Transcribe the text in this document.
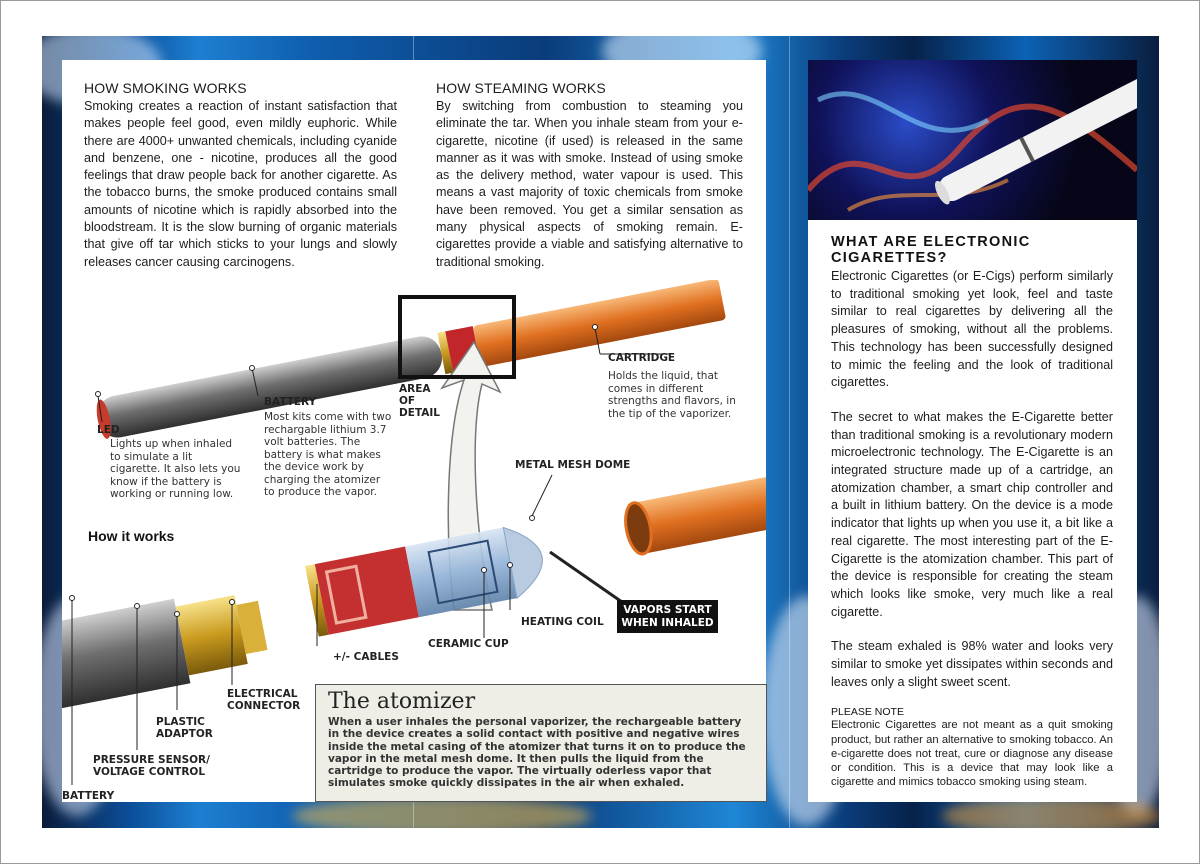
HOW SMOKING WORKS

Smoking creates a reaction of instant satisfaction that makes people feel good, even mildly euphoric. While there are 4000+ unwanted chemicals, including cyanide and benzene, one - nicotine, produces all the good feelings that draw people back for another cigarette. As the tobacco burns, the smoke produced contains small amounts of nicotine which is rapidly absorbed into the bloodstream. It is the slow burning of organic materials that give off tar which sticks to your lungs and slowly releases cancer causing carcinogens.

HOW STEAMING WORKS

By switching from combustion to steaming you eliminate the tar. When you inhale steam from your e-cigarette, nicotine (if used) is released in the same manner as it was with smoke. Instead of using smoke as the delivery method, water vapour is used. This means a vast majority of toxic chemicals from smoke have been removed. You get a similar sensation as many physical aspects of smoking remain. E-cigarettes provide a viable and satisfying alternative to traditional smoking.

AREA OF DETAIL
LED
Lights up when inhaled to simulate a lit cigarette. It also lets you know if the battery is working or running low.
BATTERY
Most kits come with two rechargable lithium 3.7 volt batteries. The battery is what makes the device work by charging the atomizer to produce the vapor.
CARTRIDGE
Holds the liquid, that comes in different strengths and flavors, in the tip of the vaporizer.
How it works
METAL MESH DOME
HEATING COIL
CERAMIC CUP
+/- CABLES
VAPORS START WHEN INHALED
ELECTRICAL CONNECTOR
PLASTIC ADAPTOR
PRESSURE SENSOR/ VOLTAGE CONTROL
BATTERY
The atomizer

When a user inhales the personal vaporizer, the rechargeable battery in the device creates a solid contact with positive and negative wires inside the metal casing of the atomizer that turns it on to produce the vapor in the metal mesh dome. It then pulls the liquid from the cartridge to produce the vapor. The virtually oderless vapor that simulates smoke quickly dissipates in the air when exhaled.

WHAT ARE ELECTRONIC CIGARETTES?

Electronic Cigarettes (or E-Cigs) perform similarly to traditional smoking yet look, feel and taste similar to real cigarettes by delivering all the pleasures of smoking, without all the problems. This technology has been successfully designed to mimic the feeling and the look of traditional cigarettes.

The secret to what makes the E-Cigarette better than traditional smoking is a revolutionary modern microelectronic technology. The E-Cigarette is an integrated structure made up of a cartridge, an atomization chamber, a smart chip controller and a built in lithium battery. On the device is a mode indicator that lights up when you use it, a bit like a real cigarette. The most interesting part of the E-Cigarette is the atomization chamber. This part of the device is responsible for creating the steam which looks like smoke, very much like a real cigarette.

The steam exhaled is 98% water and looks very similar to smoke yet dissipates within seconds and leaves only a slight sweet scent.

PLEASE NOTE

Electronic Cigarettes are not meant as a quit smoking product, but rather an alternative to smoking tobacco. An e-cigarette does not treat, cure or diagnose any disease or condition. This is a device that may look like a cigarette and mimics tobacco smoking using steam.
